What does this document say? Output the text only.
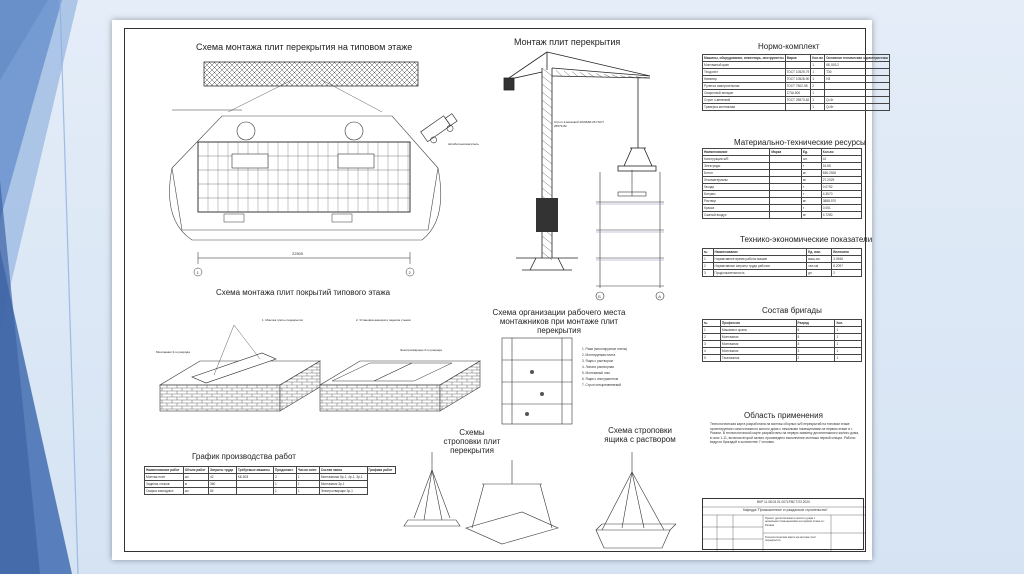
Схема монтажа плит перекрытия на типовом этаже	Монтаж плит перекрытия	Нормо-комплект
Материально-технические ресурсы
Технико-экономические показатели
Состав бригады
Схема монтажа плит покрытий типового этажа
Схема организации рабочего места монтажников при монтаже плит перекрытия
График производства работ
Схемы строповки плит перекрытия
Схема строповки ящика с раствором
Область применения
22500
1	2
Автобетоносмеситель
Строп 4-ветвевой 2Л20МИ-26 ГОСТ 25573-82
Б	А
1. Монтаж плиты перекрытия	2. Установка анкеров и заделка стыков
Монтажник 3-го разряда	Электросварщик 3-го разряда	1. Ряжи (многоярусные плиты)
2. Монтируемая плита
3. Ящик с раствором
4. Лопата растворная
5. Монтажный лом
6. Ящик с инструментом
7. Строп четырехветвевой
Машины, оборудование, инвентарь, инструменты	Марка	Кол-во	Основная техническая характеристика
Монтажный кран		1	КБ-503.2
Теодолит	ГОСТ 10529-79	1	Т30
Нивелир	ГОСТ 10528-90	1	Н3
Рулетка измерительная	ГОСТ 7502-98	2	
Сварочный аппарат	СТШ-500	1	
Строп 4-ветвевой	ГОСТ 25573-82	1	Q=4т
Траверса монтажная		1	Q=5т
Наименование	Марка	Ед.	Кол-во
Конструкции ж/б		шт.	42
Электроды		т	16.65
Бетон		м³	636.2926
Лесоматериалы		м³	27.2029
Гвозди		т	0.0752
Битумы		т	4.3670
Раствор		м³	3888.970
Краска		т	0.051
Сжатый воздух		м³	4.7280
№	Наименование	Ед. изм.	Величина
1	Нормативное время работы машин	маш-см	3.0946
2	Нормативные затраты труда рабочих	чел-см	8.2097
3	Продолжительность	дн	2
№	Профессия	Разряд	Кол.
1	Машинист крана	6	1
2	Монтажник	5	1
3	Монтажник	4	1
4	Монтажник	3	1
5	Такелажник	2	1
Наименование работ	Объем работ	Затраты труда	Требуемые машины	Продолжит.	Число смен	Состав звена	Графики работ
Монтаж плит	шт.	42	КБ-503	2	1	Монтажники 5р-1, 4р-1, 3р-1	
Заделка стыков	м	360		1	1	Монтажник 3р-1	
Сварка закладных	шт.	84		1	1	Электросварщик 3р-1	
Технологическая карта разработана на монтаж сборных ж/б перекрытий на типовом этаже проектируемого многоэтажного жилого дома с нежилыми помещениями на первом этаже в г. Рязани. В технологической карте разработаны на первую захватку десятиэтажного жилого дома, в осях 1-11, включая второй захват, произведено выполнение монтажа первой секции. Работы ведутся бригадой в количестве 7 человек.
ВКР 11.08.03.01.0071Р.ВСТ.ПЗ.2020
Кафедра "Промышленное и гражданское строительство"
Проект десятиэтажного жилого дома с нежилыми помещениями на первом этаже в г. Рязани
Технологическая карта на монтаж плит перекрытия
